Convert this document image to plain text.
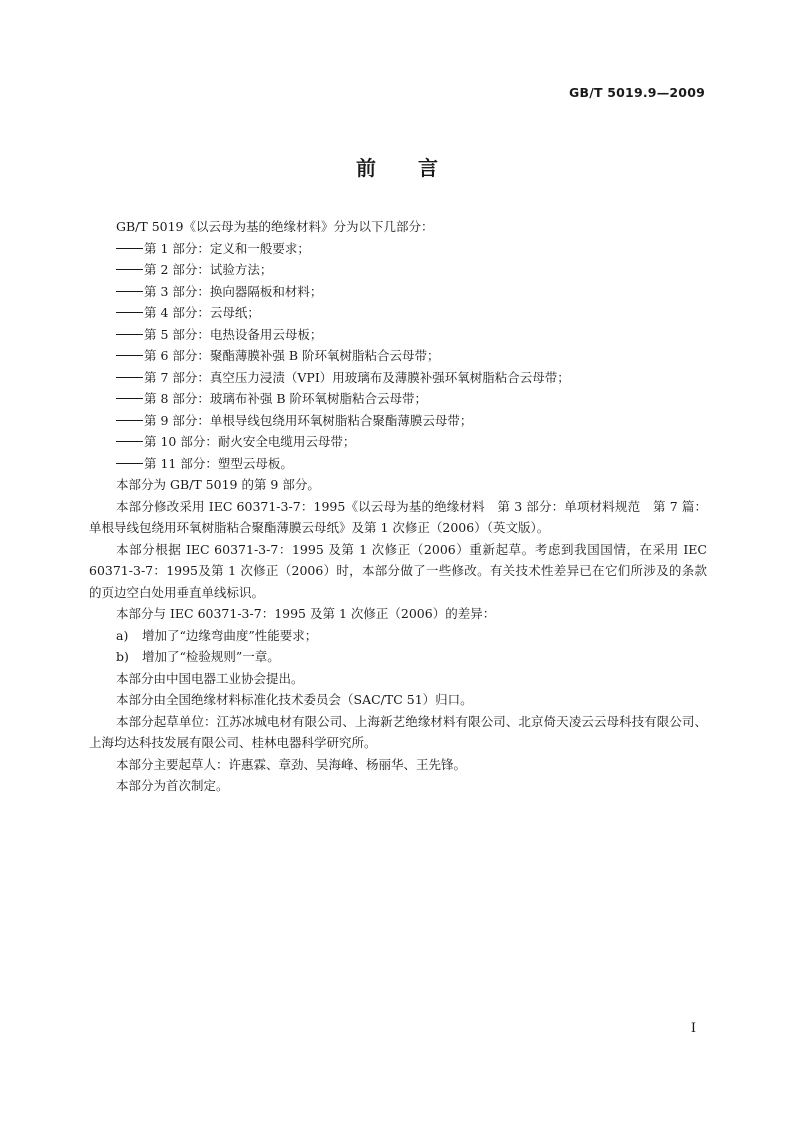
GB/T 5019.9—2009
前言

GB/T 5019《以云母为基的绝缘材料》分为以下几部分：

第 1 部分：定义和一般要求；

第 2 部分：试验方法；

第 3 部分：换向器隔板和材料；

第 4 部分：云母纸；

第 5 部分：电热设备用云母板；

第 6 部分：聚酯薄膜补强 B 阶环氧树脂粘合云母带；

第 7 部分：真空压力浸渍（VPI）用玻璃布及薄膜补强环氧树脂粘合云母带；

第 8 部分：玻璃布补强 B 阶环氧树脂粘合云母带；

第 9 部分：单根导线包绕用环氧树脂粘合聚酯薄膜云母带；

第 10 部分：耐火安全电缆用云母带；

第 11 部分：塑型云母板。

本部分为 GB/T 5019 的第 9 部分。

本部分修改采用 IEC 60371-3-7：1995《以云母为基的绝缘材料　第 3 部分：单项材料规范　第 7 篇：单根导线包绕用环氧树脂粘合聚酯薄膜云母纸》及第 1 次修正（2006）（英文版）。

本部分根据 IEC 60371-3-7：1995 及第 1 次修正（2006）重新起草。考虑到我国国情，在采用 IEC 60371-3-7：1995及第 1 次修正（2006）时，本部分做了一些修改。有关技术性差异已在它们所涉及的条款的页边空白处用垂直单线标识。

本部分与 IEC 60371-3-7：1995 及第 1 次修正（2006）的差异：

a) 增加了“边缘弯曲度”性能要求；

b) 增加了“检验规则”一章。

本部分由中国电器工业协会提出。

本部分由全国绝缘材料标准化技术委员会（SAC/TC 51）归口。

本部分起草单位：江苏冰城电材有限公司、上海新艺绝缘材料有限公司、北京倚天凌云云母科技有限公司、上海均达科技发展有限公司、桂林电器科学研究所。

本部分主要起草人：许惠霖、章劲、吴海峰、杨丽华、王先锋。

本部分为首次制定。

I
